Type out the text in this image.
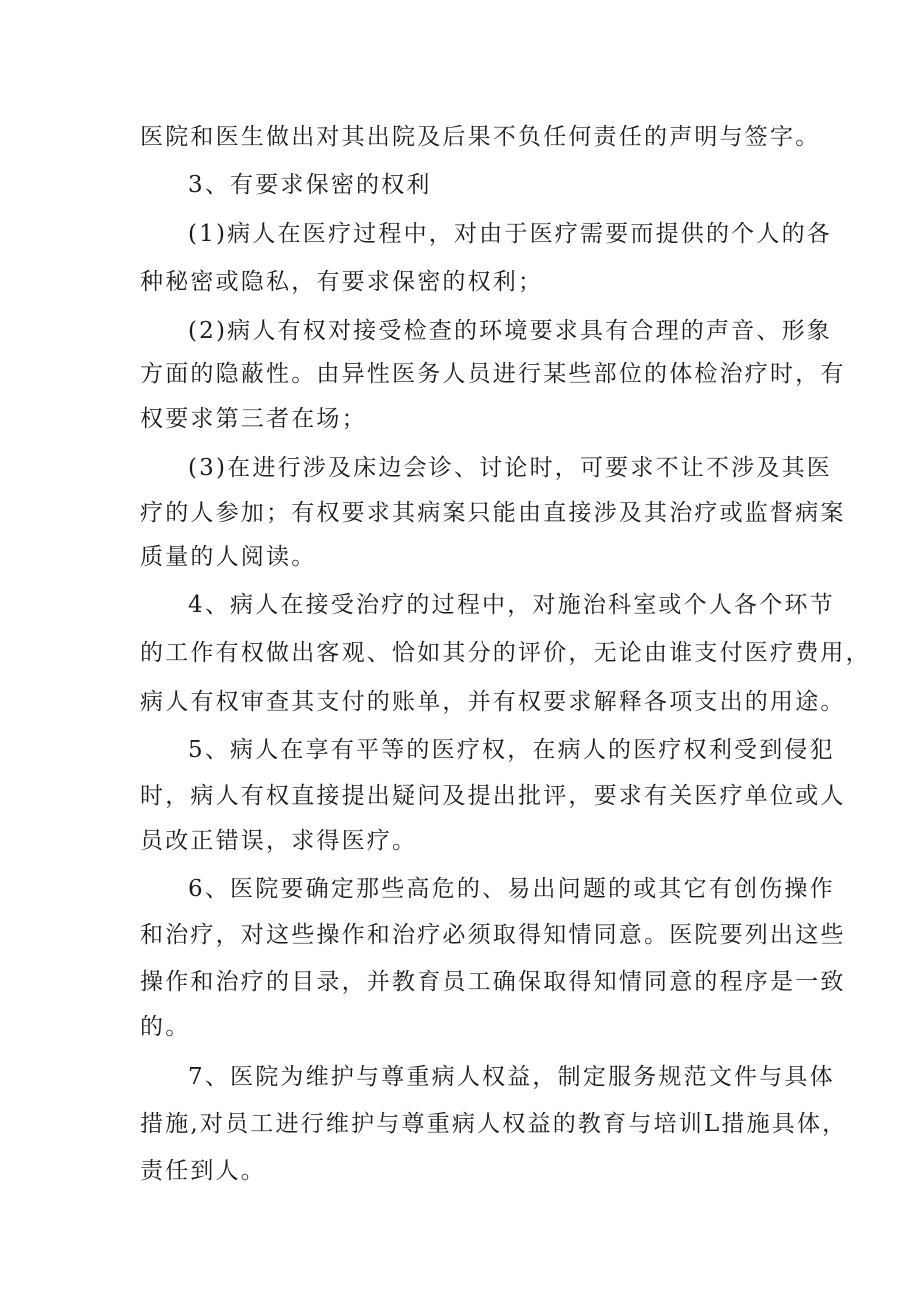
医院和医生做出对其出院及后果不负任何责任的声明与签字。
3、有要求保密的权利
(1)病人在医疗过程中，对由于医疗需要而提供的个人的各
种秘密或隐私，有要求保密的权利；
(2)病人有权对接受检查的环境要求具有合理的声音、形象
方面的隐蔽性。由异性医务人员进行某些部位的体检治疗时，有
权要求第三者在场；
(3)在进行涉及床边会诊、讨论时，可要求不让不涉及其医
疗的人参加；有权要求其病案只能由直接涉及其治疗或监督病案
质量的人阅读。
4、病人在接受治疗的过程中，对施治科室或个人各个环节
的工作有权做出客观、恰如其分的评价，无论由谁支付医疗费用，
病人有权审查其支付的账单，并有权要求解释各项支出的用途。
5、病人在享有平等的医疗权，在病人的医疗权利受到侵犯
时，病人有权直接提出疑问及提出批评，要求有关医疗单位或人
员改正错误，求得医疗。
6、医院要确定那些高危的、易出问题的或其它有创伤操作
和治疗，对这些操作和治疗必须取得知情同意。医院要列出这些
操作和治疗的目录，并教育员工确保取得知情同意的程序是一致
的。
7、医院为维护与尊重病人权益，制定服务规范文件与具体
措施,对员工进行维护与尊重病人权益的教育与培训L措施具体，
责任到人。
